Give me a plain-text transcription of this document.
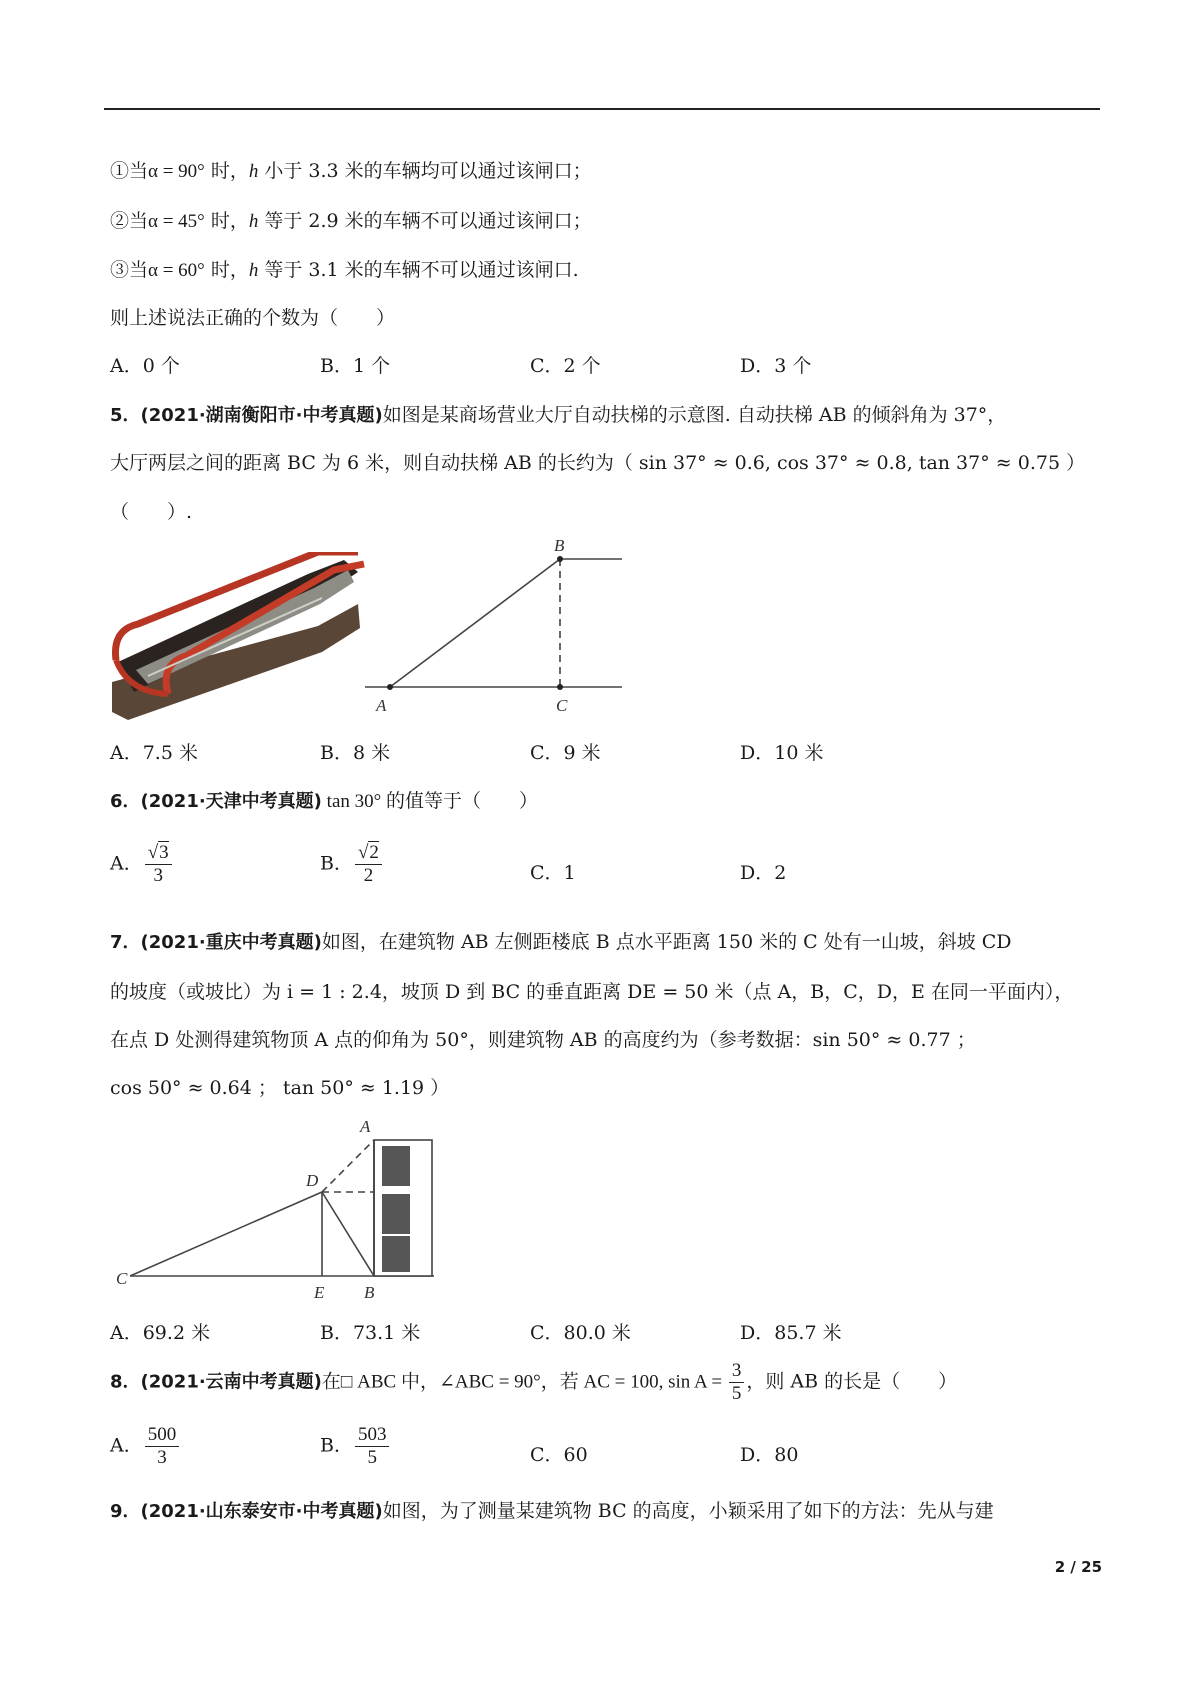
①当α = 90° 时，h 小于 3.3 米的车辆均可以通过该闸口；
②当α = 45° 时，h 等于 2.9 米的车辆不可以通过该闸口；
③当α = 60° 时，h 等于 3.1 米的车辆不可以通过该闸口.
则上述说法正确的个数为（　　）
A．0 个	B．1 个	C．2 个	D．3 个
5．(2021·湖南衡阳市·中考真题)如图是某商场营业大厅自动扶梯的示意图. 自动扶梯 AB 的倾斜角为 37°，
大厅两层之间的距离 BC 为 6 米，则自动扶梯 AB 的长约为（ sin 37° ≈ 0.6, cos 37° ≈ 0.8, tan 37° ≈ 0.75 ）
（　　）.
A
B
C
A．7.5 米	B．8 米	C．9 米	D．10 米
6．(2021·天津中考真题) tan 30° 的值等于（　　）
A． $\frac{√3}{3}$	B． $\frac{√2}{2}$	C．1	D．2
7．(2021·重庆中考真题)如图，在建筑物 AB 左侧距楼底 B 点水平距离 150 米的 C 处有一山坡，斜坡 CD
的坡度（或坡比）为 i = 1 : 2.4，坡顶 D 到 BC 的垂直距离 DE = 50 米（点 A，B，C，D，E 在同一平面内），
在点 D 处测得建筑物顶 A 点的仰角为 50°，则建筑物 AB 的高度约为（参考数据：sin 50° ≈ 0.77 ；
cos 50° ≈ 0.64 ； tan 50° ≈ 1.19 ）
A
D
C
E B
A．69.2 米	B．73.1 米	C．80.0 米	D．85.7 米
8．(2021·云南中考真题)在□ ABC 中，∠ABC = 90°，若 AC = 100, $\sin A = \frac{3}{5}$ ，则 AB 的长是（　　）
A． $\frac{500}{3}$	B． $\frac{503}{5}$	C．60	D．80
9．(2021·山东泰安市·中考真题)如图，为了测量某建筑物 BC 的高度，小颖采用了如下的方法：先从与建
2 / 25
